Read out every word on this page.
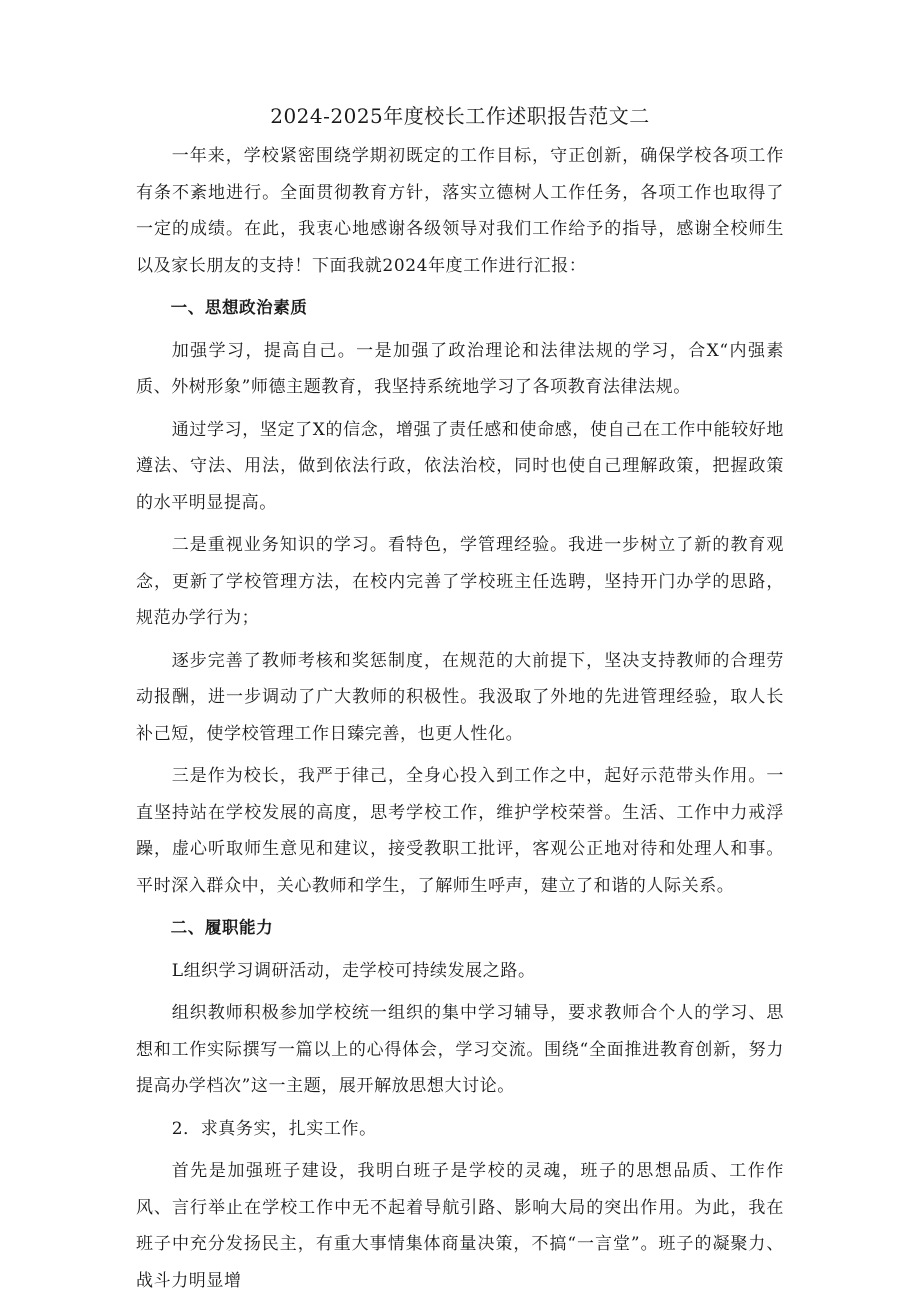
2024-2025年度校长工作述职报告范文二

一年来，学校紧密围绕学期初既定的工作目标，守正创新，确保学校各项工作有条不紊地进行。全面贯彻教育方针，落实立德树人工作任务，各项工作也取得了一定的成绩。在此，我衷心地感谢各级领导对我们工作给予的指导，感谢全校师生以及家长朋友的支持！下面我就2024年度工作进行汇报：

一、思想政治素质

加强学习，提高自己。一是加强了政治理论和法律法规的学习，合X“内强素质、外树形象”师德主题教育，我坚持系统地学习了各项教育法律法规。

通过学习，坚定了X的信念，增强了责任感和使命感，使自己在工作中能较好地遵法、守法、用法，做到依法行政，依法治校，同时也使自己理解政策，把握政策的水平明显提高。

二是重视业务知识的学习。看特色，学管理经验。我进一步树立了新的教育观念，更新了学校管理方法，在校内完善了学校班主任选聘，坚持开门办学的思路，规范办学行为；

逐步完善了教师考核和奖惩制度，在规范的大前提下，坚决支持教师的合理劳动报酬，进一步调动了广大教师的积极性。我汲取了外地的先进管理经验，取人长补己短，使学校管理工作日臻完善，也更人性化。

三是作为校长，我严于律己，全身心投入到工作之中，起好示范带头作用。一直坚持站在学校发展的高度，思考学校工作，维护学校荣誉。生活、工作中力戒浮躁，虚心听取师生意见和建议，接受教职工批评，客观公正地对待和处理人和事。平时深入群众中，关心教师和学生，了解师生呼声，建立了和谐的人际关系。

二、履职能力

L组织学习调研活动，走学校可持续发展之路。

组织教师积极参加学校统一组织的集中学习辅导，要求教师合个人的学习、思想和工作实际撰写一篇以上的心得体会，学习交流。围绕“全面推进教育创新，努力提高办学档次”这一主题，展开解放思想大讨论。

2．求真务实，扎实工作。

首先是加强班子建设，我明白班子是学校的灵魂，班子的思想品质、工作作风、言行举止在学校工作中无不起着导航引路、影响大局的突出作用。为此，我在班子中充分发扬民主，有重大事情集体商量决策，不搞“一言堂”。班子的凝聚力、战斗力明显增
